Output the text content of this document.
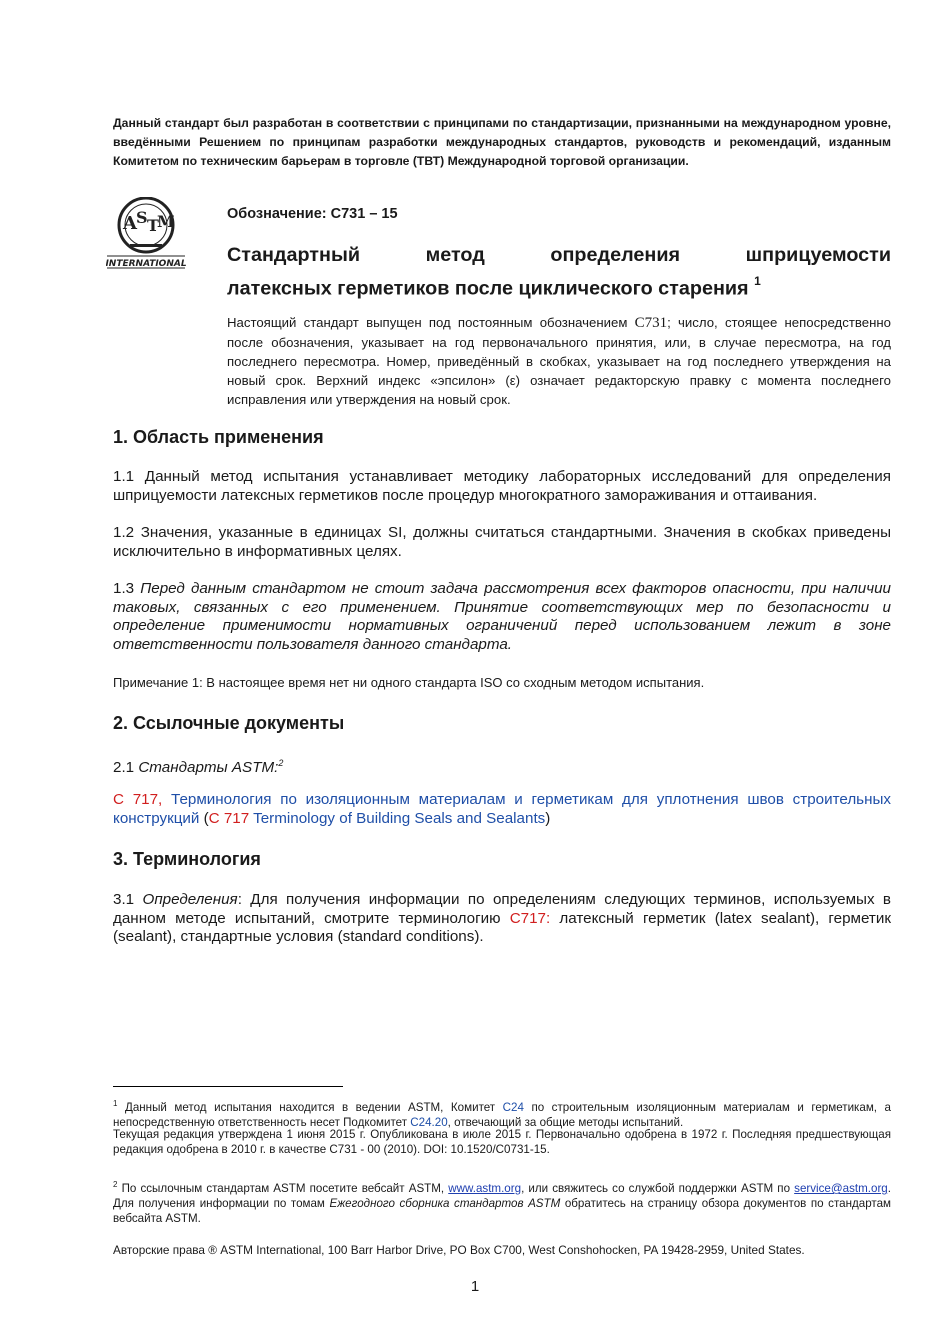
Данный стандарт был разработан в соответствии с принципами по стандартизации, признанными на международном уровне, введёнными Решением по принципам разработки международных стандартов, руководств и рекомендаций, изданным Комитетом по техническим барьерам в торговле (ТВТ) Международной торговой организации.
A S T
M
INTERNATIONAL
Обозначение: C731 – 15
Стандартный метод определения шприцуемости
латексных герметиков после циклического старения $^1$
Настоящий стандарт выпущен под постоянным обозначением C731; число, стоящее непосредственно после обозначения, указывает на год первоначального принятия, или, в случае пересмотра, на год последнего пересмотра. Номер, приведённый в скобках, указывает на год последнего утверждения на новый срок. Верхний индекс «эпсилон» (ε) означает редакторскую правку с момента последнего исправления или утверждения на новый срок.
1. Область применения
1.1 Данный метод испытания устанавливает методику лабораторных исследований для определения шприцуемости латексных герметиков после процедур многократного замораживания и оттаивания.
1.2 Значения, указанные в единицах SI, должны считаться стандартными. Значения в скобках приведены исключительно в информативных целях.
1.3 Перед данным стандартом не стоит задача рассмотрения всех факторов опасности, при наличии таковых, связанных с его применением. Принятие соответствующих мер по безопасности и определение применимости нормативных ограничений перед использованием лежит в зоне ответственности пользователя данного стандарта.
Примечание 1: В настоящее время нет ни одного стандарта ISO со сходным методом испытания.
2. Ссылочные документы
2.1 Стандарты ASTM:$^2$
C 717, Терминология по изоляционным материалам и герметикам для уплотнения швов строительных конструкций (C 717 Terminology of Building Seals and Sealants)
3. Терминология
3.1 Определения: Для получения информации по определениям следующих терминов, используемых в данном методе испытаний, смотрите терминологию C717: латексный герметик (latex sealant), герметик (sealant), стандартные условия (standard conditions).
$^1$ Данный метод испытания находится в ведении ASTM, Комитет C24 по строительным изоляционным материалам и герметикам, а непосредственную ответственность несет Подкомитет C24.20, отвечающий за общие методы испытаний.
Текущая редакция утверждена 1 июня 2015 г. Опубликована в июле 2015 г. Первоначально одобрена в 1972 г. Последняя предшествующая редакция одобрена в 2010 г. в качестве C731 - 00 (2010). DOI: 10.1520/C0731-15.
$^2$ По ссылочным стандартам ASTM посетите вебсайт ASTM, www.astm.org, или свяжитесь со службой поддержки ASTM по service@astm.org. Для получения информации по томам Ежегодного сборника стандартов ASTM обратитесь на страницу обзора документов по стандартам вебсайта ASTM.
Авторские права ® ASTM International, 100 Barr Harbor Drive, PO Box C700, West Conshohocken, PA 19428-2959, United States.
1
